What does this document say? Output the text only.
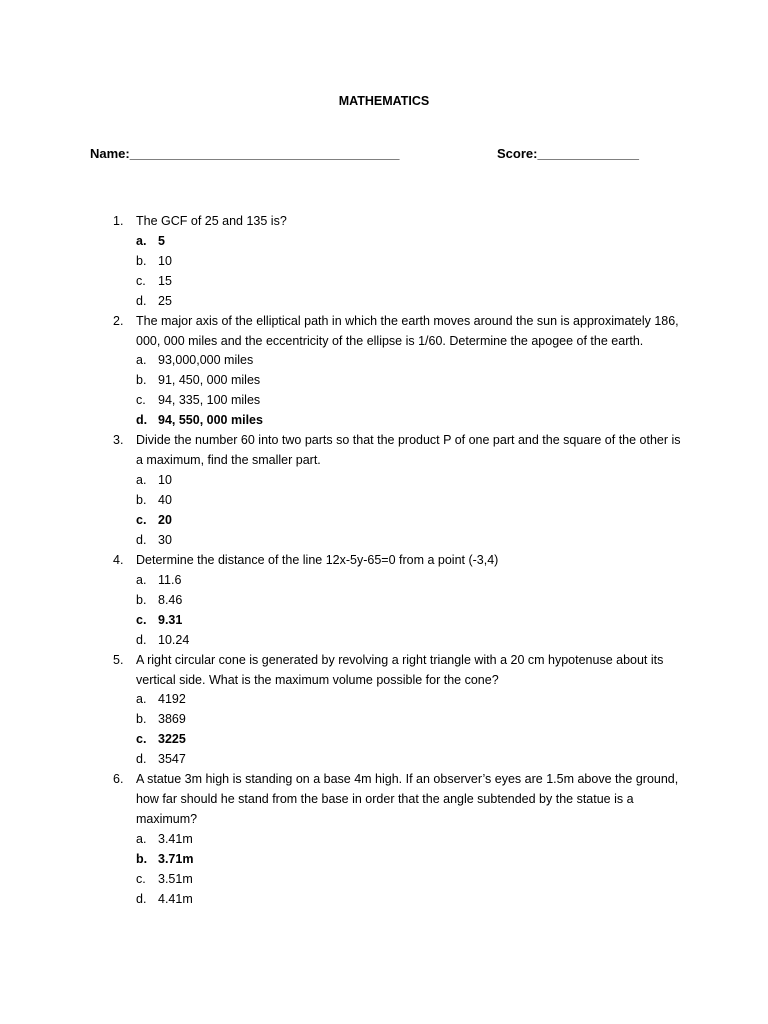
MATHEMATICS
Name:________________________________________	Score:_______________
1. The GCF of 25 and 135 is?
a. 5
b. 10
c. 15
d. 25
2. The major axis of the elliptical path in which the earth moves around the sun is approximately 186, 000, 000 miles and the eccentricity of the ellipse is 1/60. Determine the apogee of the earth.
a. 93,000,000 miles
b. 91, 450, 000 miles
c. 94, 335, 100 miles
d. 94, 550, 000 miles
3. Divide the number 60 into two parts so that the product P of one part and the square of the other is a maximum, find the smaller part.
a. 10
b. 40
c. 20
d. 30
4. Determine the distance of the line 12x-5y-65=0 from a point (-3,4)
a. 11.6
b. 8.46
c. 9.31
d. 10.24
5. A right circular cone is generated by revolving a right triangle with a 20 cm hypotenuse about its vertical side. What is the maximum volume possible for the cone?
a. 4192
b. 3869
c. 3225
d. 3547
6. A statue 3m high is standing on a base 4m high. If an observer’s eyes are 1.5m above the ground, how far should he stand from the base in order that the angle subtended by the statue is a maximum?
a. 3.41m
b. 3.71m
c. 3.51m
d. 4.41m
